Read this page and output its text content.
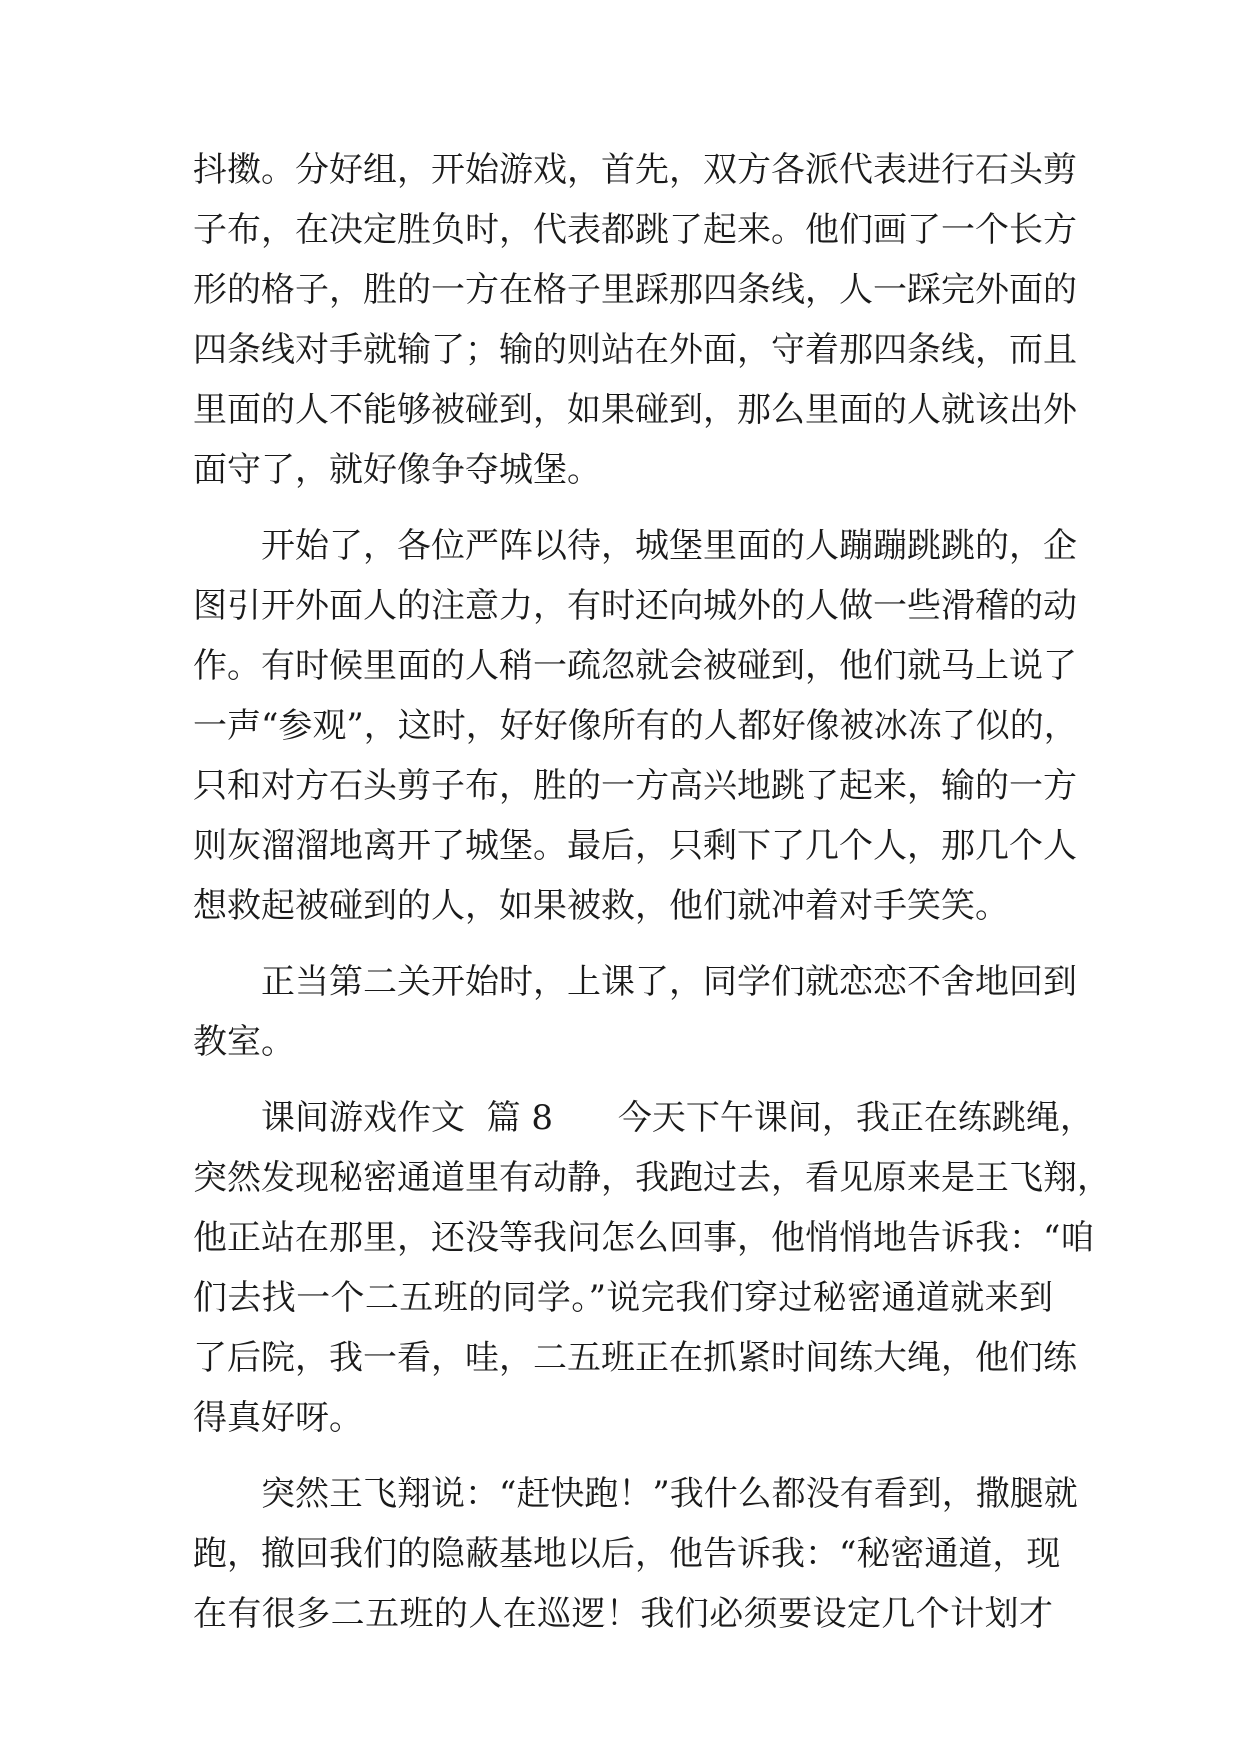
抖擞。分好组，开始游戏，首先，双方各派代表进行石头剪
子布，在决定胜负时，代表都跳了起来。他们画了一个长方
形的格子，胜的一方在格子里踩那四条线，人一踩完外面的
四条线对手就输了；输的则站在外面，守着那四条线，而且
里面的人不能够被碰到，如果碰到，那么里面的人就该出外
面守了，就好像争夺城堡。
开始了，各位严阵以待，城堡里面的人蹦蹦跳跳的，企
图引开外面人的注意力，有时还向城外的人做一些滑稽的动
作。有时候里面的人稍一疏忽就会被碰到，他们就马上说了
一声“参观”，这时，好好像所有的人都好像被冰冻了似的，
只和对方石头剪子布，胜的一方高兴地跳了起来，输的一方
则灰溜溜地离开了城堡。最后，只剩下了几个人，那几个人
想救起被碰到的人，如果被救，他们就冲着对手笑笑。
正当第二关开始时，上课了，同学们就恋恋不舍地回到
教室。
课间游戏作文  篇 8      今天下午课间，我正在练跳绳，
突然发现秘密通道里有动静，我跑过去，看见原来是王飞翔，
他正站在那里，还没等我问怎么回事，他悄悄地告诉我：“咱
们去找一个二五班的同学。”说完我们穿过秘密通道就来到
了后院，我一看，哇，二五班正在抓紧时间练大绳，他们练
得真好呀。
突然王飞翔说：“赶快跑！”我什么都没有看到，撒腿就
跑，撤回我们的隐蔽基地以后，他告诉我：“秘密通道，现
在有很多二五班的人在巡逻！我们必须要设定几个计划才
